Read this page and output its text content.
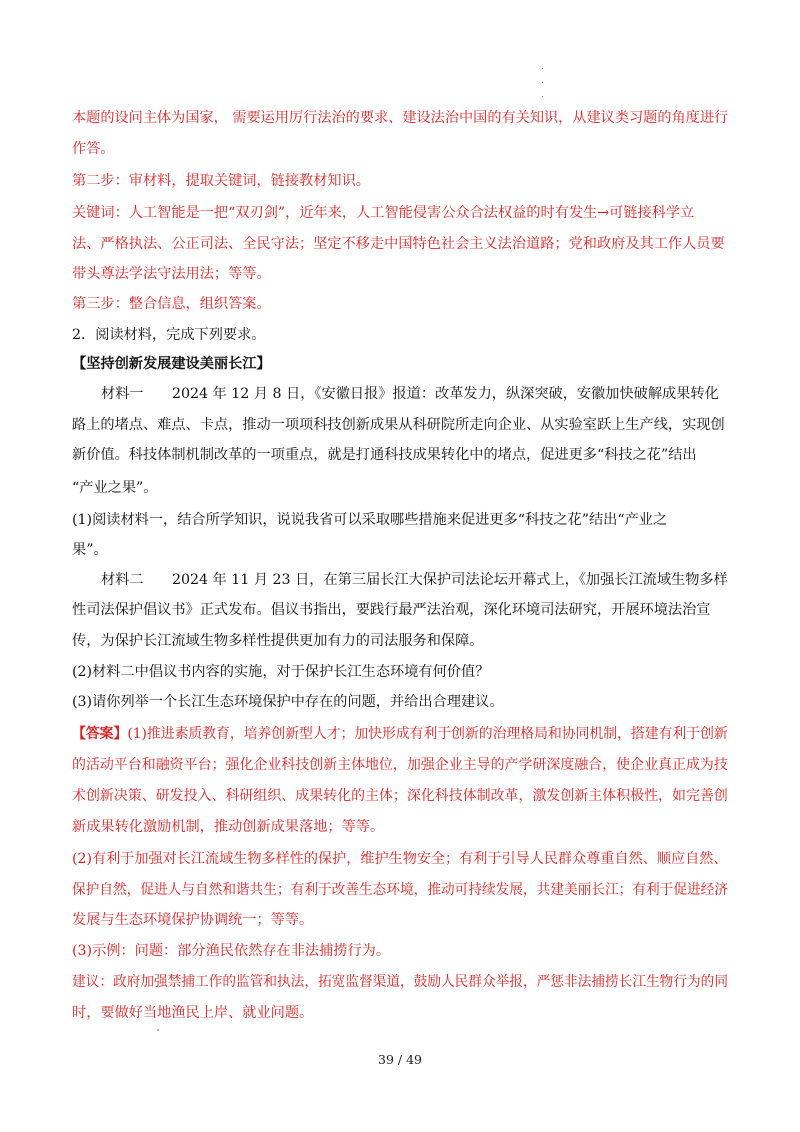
.
.
.
本题的设问主体为国家， 需要运用厉行法治的要求、建设法治中国的有关知识，从建议类习题的角度进行
作答。
第二步：审材料，提取关键词，链接教材知识。
关键词：人工智能是一把“双刃剑”，近年来，人工智能侵害公众合法权益的时有发生→可链接科学立
法、严格执法、公正司法、全民守法；坚定不移走中国特色社会主义法治道路；党和政府及其工作人员要
带头尊法学法守法用法；等等。
第三步：整合信息，组织答案。
2．阅读材料，完成下列要求。
【坚持创新发展建设美丽长江】
材料一　　2024 年 12 月 8 日，《安徽日报》报道：改革发力，纵深突破，安徽加快破解成果转化
路上的堵点、难点、卡点，推动一项项科技创新成果从科研院所走向企业、从实验室跃上生产线，实现创
新价值。科技体制机制改革的一项重点，就是打通科技成果转化中的堵点，促进更多“科技之花”结出
“产业之果”。
(1)阅读材料一，结合所学知识，说说我省可以采取哪些措施来促进更多“科技之花”结出“产业之
果”。
材料二　　2024 年 11 月 23 日，在第三届长江大保护司法论坛开幕式上，《加强长江流域生物多样
性司法保护倡议书》正式发布。倡议书指出，要践行最严法治观，深化环境司法研究，开展环境法治宣
传，为保护长江流域生物多样性提供更加有力的司法服务和保障。
(2)材料二中倡议书内容的实施，对于保护长江生态环境有何价值？
(3)请你列举一个长江生态环境保护中存在的问题，并给出合理建议。
【答案】(1)推进素质教育，培养创新型人才；加快形成有利于创新的治理格局和协同机制，搭建有利于创新
的活动平台和融资平台；强化企业科技创新主体地位，加强企业主导的产学研深度融合，使企业真正成为技
术创新决策、研发投入、科研组织、成果转化的主体；深化科技体制改革，激发创新主体积极性，如完善创
新成果转化激励机制，推动创新成果落地；等等。
(2)有利于加强对长江流域生物多样性的保护，维护生物安全；有利于引导人民群众尊重自然、顺应自然、
保护自然，促进人与自然和谐共生；有利于改善生态环境，推动可持续发展，共建美丽长江；有利于促进经济
发展与生态环境保护协调统一；等等。
(3)示例：问题：部分渔民依然存在非法捕捞行为。
建议：政府加强禁捕工作的监管和执法，拓宽监督渠道，鼓励人民群众举报，严惩非法捕捞长江生物行为的同
时，要做好当地渔民上岸、就业问题。
39 / 49
